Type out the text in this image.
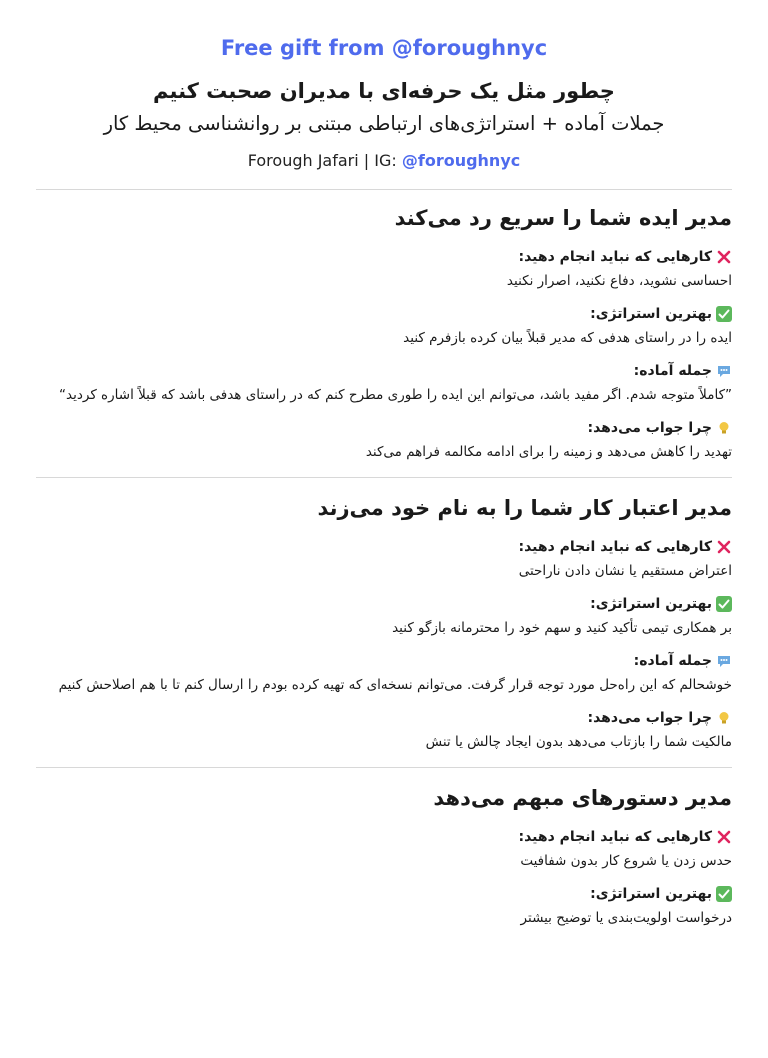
Free gift from @foroughnyc
چطور مثل یک حرفه‌ای با مدیران صحبت کنیم
جملات آماده + استراتژی‌های ارتباطی مبتنی بر روانشناسی محیط کار
Forough Jafari | IG: @foroughnyc
مدیر ایده شما را سریع رد می‌کند
کارهایی که نباید انجام دهید:
احساسی نشوید، دفاع نکنید، اصرار نکنید
بهترین استراتژی:
ایده را در راستای هدفی که مدیر قبلاً بیان کرده بازفرم کنید
جمله آماده:
”کاملاً متوجه شدم. اگر مفید باشد، می‌توانم این ایده را طوری مطرح کنم که در راستای هدفی باشد که قبلاً اشاره کردید“
چرا جواب می‌دهد:
تهدید را کاهش می‌دهد و زمینه را برای ادامه مکالمه فراهم می‌کند
مدیر اعتبار کار شما را به نام خود می‌زند
کارهایی که نباید انجام دهید:
اعتراض مستقیم یا نشان دادن ناراحتی
بهترین استراتژی:
بر همکاری تیمی تأکید کنید و سهم خود را محترمانه بازگو کنید
جمله آماده:
خوشحالم که این راه‌حل مورد توجه قرار گرفت. می‌توانم نسخه‌ای که تهیه کرده بودم را ارسال کنم تا با هم اصلاحش کنیم
چرا جواب می‌دهد:
مالکیت شما را بازتاب می‌دهد بدون ایجاد چالش یا تنش
مدیر دستورهای مبهم می‌دهد
کارهایی که نباید انجام دهید:
حدس زدن یا شروع کار بدون شفافیت
بهترین استراتژی:
درخواست اولویت‌بندی یا توضیح بیشتر
